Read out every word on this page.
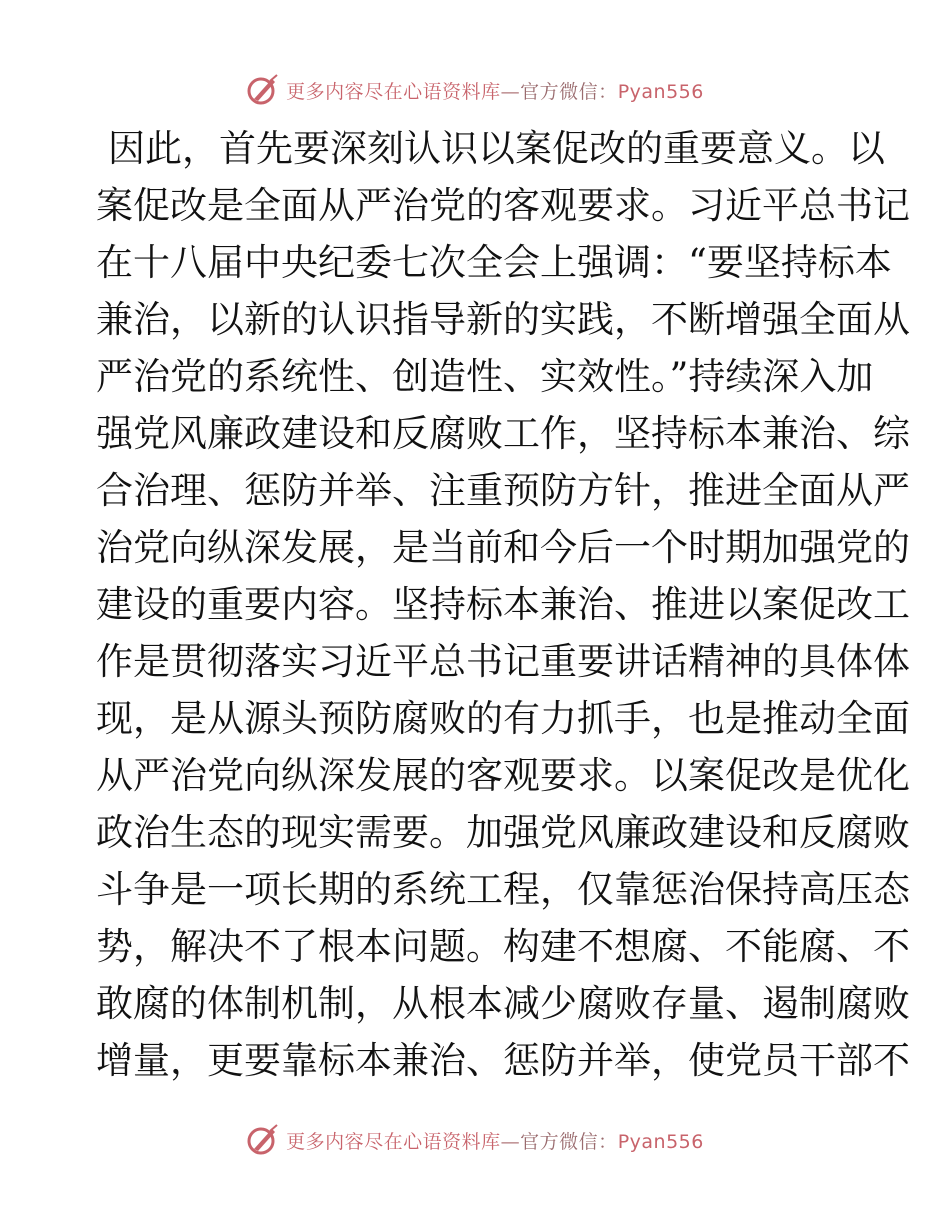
更多内容尽在心语资料库—官方微信：Pyan556
因此，首先要深刻认识以案促改的重要意义。以
案促改是全面从严治党的客观要求。习近平总书记
在十八届中央纪委七次全会上强调：“要坚持标本
兼治，以新的认识指导新的实践，不断增强全面从
严治党的系统性、创造性、实效性。”持续深入加
强党风廉政建设和反腐败工作，坚持标本兼治、综
合治理、惩防并举、注重预防方针，推进全面从严
治党向纵深发展，是当前和今后一个时期加强党的
建设的重要内容。坚持标本兼治、推进以案促改工
作是贯彻落实习近平总书记重要讲话精神的具体体
现，是从源头预防腐败的有力抓手，也是推动全面
从严治党向纵深发展的客观要求。以案促改是优化
政治生态的现实需要。加强党风廉政建设和反腐败
斗争是一项长期的系统工程，仅靠惩治保持高压态
势，解决不了根本问题。构建不想腐、不能腐、不
敢腐的体制机制，从根本减少腐败存量、遏制腐败
增量，更要靠标本兼治、惩防并举，使党员干部不
更多内容尽在心语资料库—官方微信：Pyan556
